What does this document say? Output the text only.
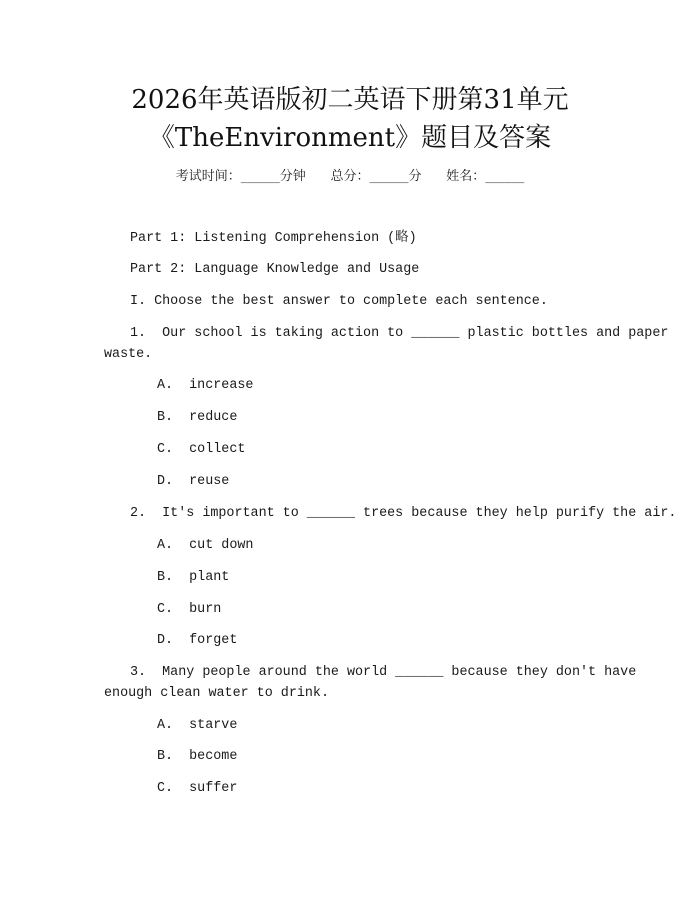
2026年英语版初二英语下册第31单元
《TheEnvironment》题目及答案
考试时间：______分钟      总分：______分      姓名：______
Part 1: Listening Comprehension (略)
Part 2: Language Knowledge and Usage
I. Choose the best answer to complete each sentence.
1.  Our school is taking action to ______ plastic bottles and paper
waste.
A.  increase
B.  reduce
C.  collect
D.  reuse
2.  It's important to ______ trees because they help purify the air.
A.  cut down
B.  plant
C.  burn
D.  forget
3.  Many people around the world ______ because they don't have
enough clean water to drink.
A.  starve
B.  become
C.  suffer
